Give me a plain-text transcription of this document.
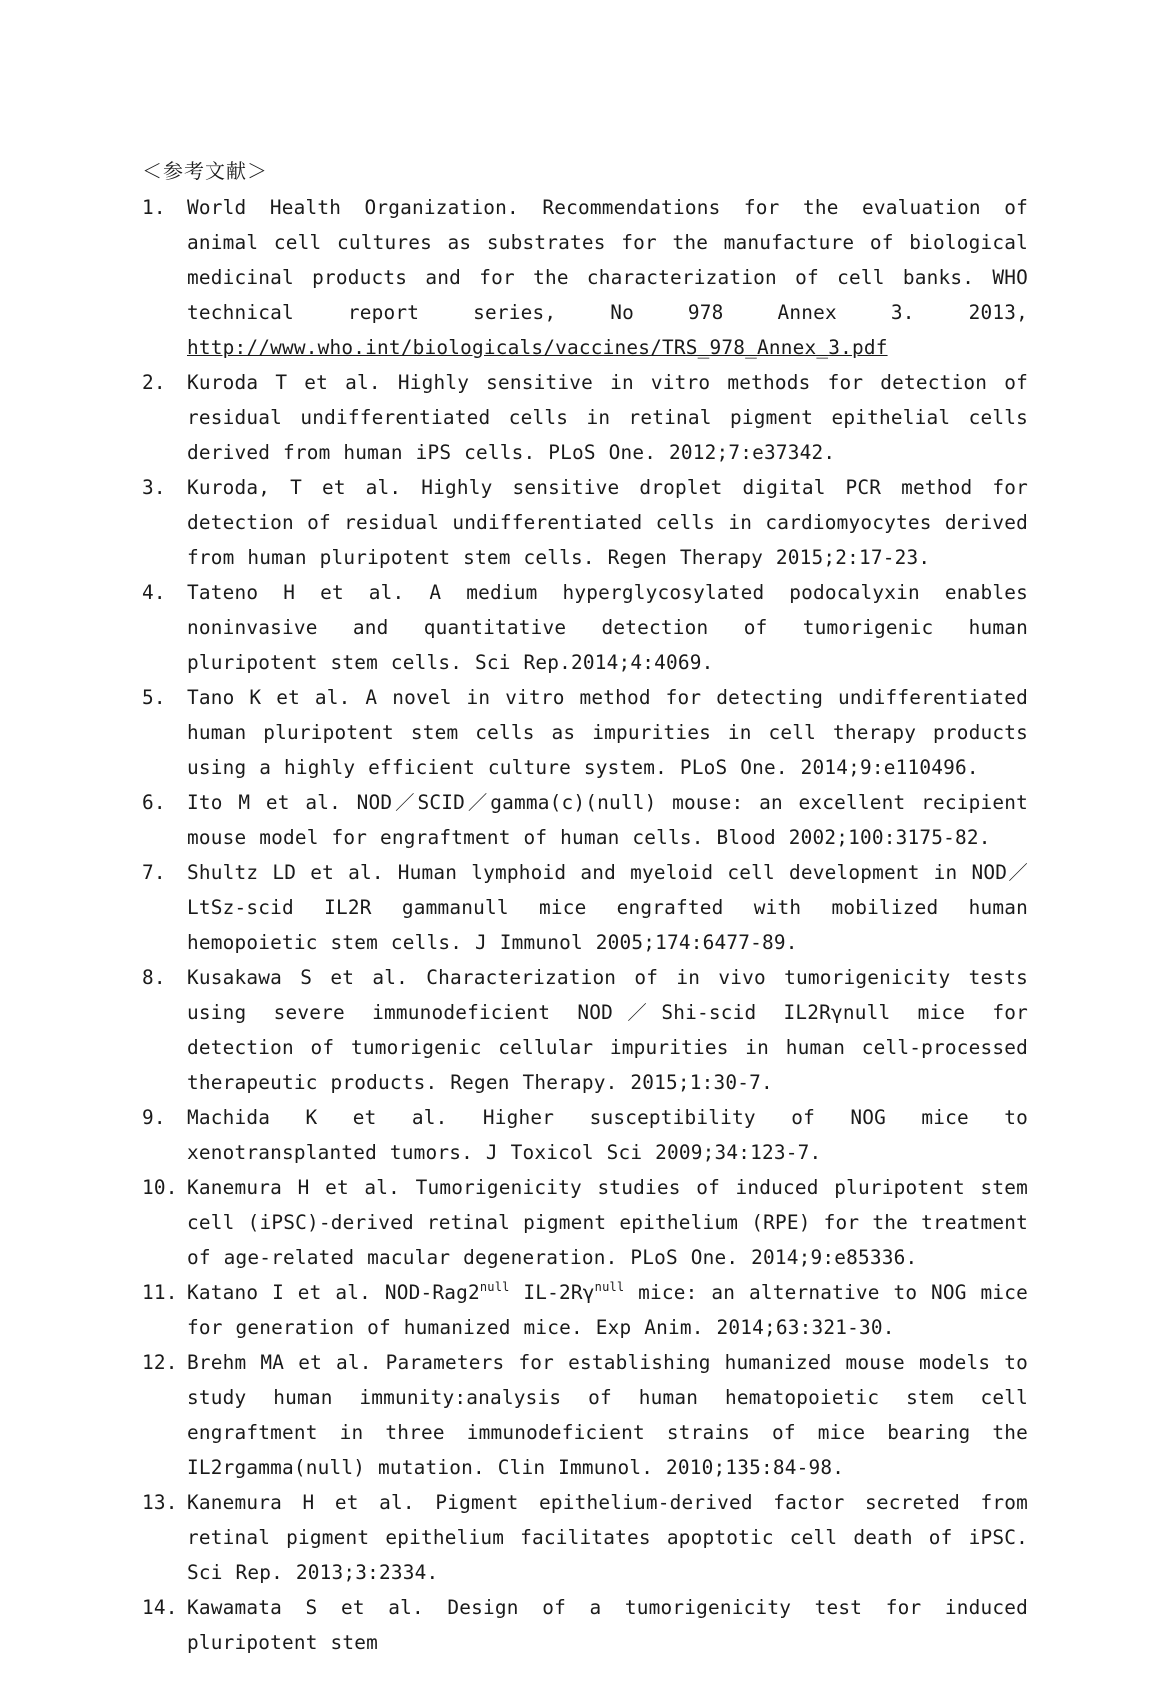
＜参考文献＞
1.	World Health Organization. Recommendations for the evaluation of animal cell cultures as substrates for the manufacture of biological medicinal products and for the characterization of cell banks. WHO technical report series, No 978 Annex 3. 2013, http://www.who.int/biologicals/vaccines/TRS_978_Annex_3.pdf
2.	Kuroda T et al. Highly sensitive in vitro methods for detection of residual undifferentiated cells in retinal pigment epithelial cells derived from human iPS cells. PLoS One. 2012;7:e37342.
3.	Kuroda, T et al. Highly sensitive droplet digital PCR method for detection of residual undifferentiated cells in cardiomyocytes derived from human pluripotent stem cells. Regen Therapy 2015;2:17-23.
4.	Tateno H et al. A medium hyperglycosylated podocalyxin enables noninvasive and quantitative detection of tumorigenic human pluripotent stem cells. Sci Rep.2014;4:4069.
5.	Tano K et al. A novel in vitro method for detecting undifferentiated human pluripotent stem cells as impurities in cell therapy products using a highly efficient culture system. PLoS One. 2014;9:e110496.
6.	Ito M et al. NOD／SCID／gamma(c)(null) mouse: an excellent recipient mouse model for engraftment of human cells. Blood 2002;100:3175-82.
7.	Shultz LD et al. Human lymphoid and myeloid cell development in NOD／LtSz-scid IL2R gammanull mice engrafted with mobilized human hemopoietic stem cells. J Immunol 2005;174:6477-89.
8.	Kusakawa S et al. Characterization of in vivo tumorigenicity tests using severe immunodeficient NOD／Shi-scid IL2Rγnull mice for detection of tumorigenic cellular impurities in human cell-processed therapeutic products. Regen Therapy. 2015;1:30-7.
9.	Machida K et al. Higher susceptibility of NOG mice to xenotransplanted tumors. J Toxicol Sci 2009;34:123-7.
10. Kanemura H et al. Tumorigenicity studies of induced pluripotent stem cell (iPSC)-derived retinal pigment epithelium (RPE) for the treatment of age-related macular degeneration. PLoS One. 2014;9:e85336.
11. Katano I et al. NOD-$Rag2^{null}$ $IL-2R\gamma^{null}$ mice: an alternative to NOG mice for generation of humanized mice. Exp Anim. 2014;63:321-30.
12. Brehm MA et al. Parameters for establishing humanized mouse models to study human immunity:analysis of human hematopoietic stem cell engraftment in three immunodeficient strains of mice bearing the IL2rgamma(null) mutation. Clin Immunol. 2010;135:84-98.
13. Kanemura H et al. Pigment epithelium-derived factor secreted from retinal pigment epithelium facilitates apoptotic cell death of iPSC. Sci Rep. 2013;3:2334.
14. Kawamata S et al. Design of a tumorigenicity test for induced pluripotent stem
